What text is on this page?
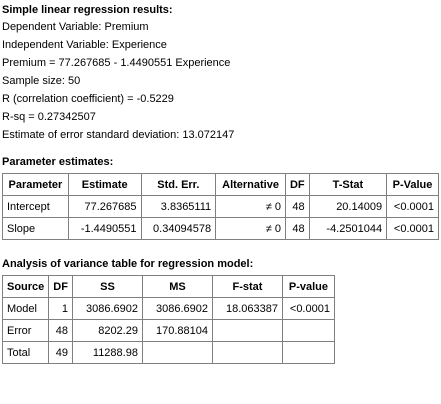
Simple linear regression results:
Dependent Variable: Premium
Independent Variable: Experience
Premium = 77.267685 - 1.4490551 Experience
Sample size: 50
R (correlation coefficient) = -0.5229
R-sq = 0.27342507
Estimate of error standard deviation: 13.072147
Parameter estimates:
Parameter	Estimate	Std. Err.	Alternative	DF	T-Stat	P-Value
Intercept	77.267685	3.8365111	≠ 0	48	20.14009	<0.0001
Slope	-1.4490551	0.34094578	≠ 0	48	-4.2501044	<0.0001
Analysis of variance table for regression model:
Source	DF	SS	MS	F-stat	P-value
Model	1	3086.6902	3086.6902	18.063387	<0.0001
Error	48	8202.29	170.88104		
Total	49	11288.98			
